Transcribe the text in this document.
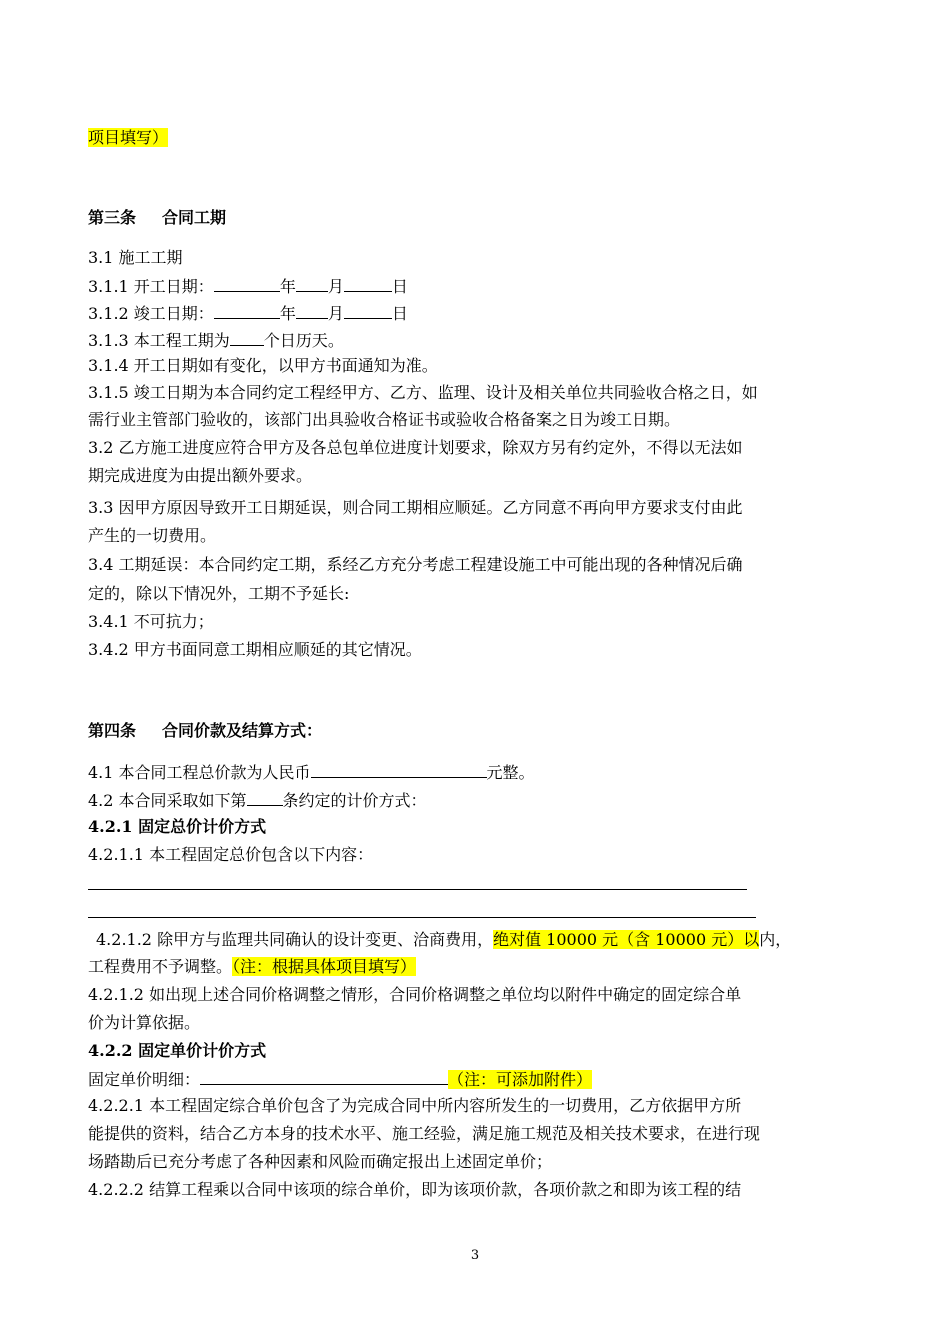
项目填写）
第三条 合同工期
3.1 施工工期
3.1.1 开工日期：	年 月	日
3.1.2 竣工日期：	年 月	日
3.1.3 本工程工期为 个日历天。
3.1.4 开工日期如有变化，以甲方书面通知为准。
3.1.5 竣工日期为本合同约定工程经甲方、乙方、监理、设计及相关单位共同验收合格之日，如
需行业主管部门验收的，该部门出具验收合格证书或验收合格备案之日为竣工日期。
3.2 乙方施工进度应符合甲方及各总包单位进度计划要求，除双方另有约定外，不得以无法如
期完成进度为由提出额外要求。
3.3 因甲方原因导致开工日期延误，则合同工期相应顺延。乙方同意不再向甲方要求支付由此
产生的一切费用。
3.4 工期延误：本合同约定工期，系经乙方充分考虑工程建设施工中可能出现的各种情况后确
定的，除以下情况外，工期不予延长:
3.4.1 不可抗力；
3.4.2 甲方书面同意工期相应顺延的其它情况。
第四条 合同价款及结算方式：
4.1 本合同工程总价款为人民币	元整。
4.2 本合同采取如下第 条约定的计价方式：
4.2.1 固定总价计价方式
4.2.1.1 本工程固定总价包含以下内容：
4.2.1.2 除甲方与监理共同确认的设计变更、洽商费用，绝对值 10000 元（含 10000 元）以内，
工程费用不予调整。（注：根据具体项目填写）
4.2.1.2 如出现上述合同价格调整之情形，合同价格调整之单位均以附件中确定的固定综合单
价为计算依据。
4.2.2 固定单价计价方式
固定单价明细：	（注：可添加附件）
4.2.2.1 本工程固定综合单价包含了为完成合同中所内容所发生的一切费用，乙方依据甲方所
能提供的资料，结合乙方本身的技术水平、施工经验，满足施工规范及相关技术要求，在进行现
场踏勘后已充分考虑了各种因素和风险而确定报出上述固定单价；
4.2.2.2 结算工程乘以合同中该项的综合单价，即为该项价款，各项价款之和即为该工程的结
3
